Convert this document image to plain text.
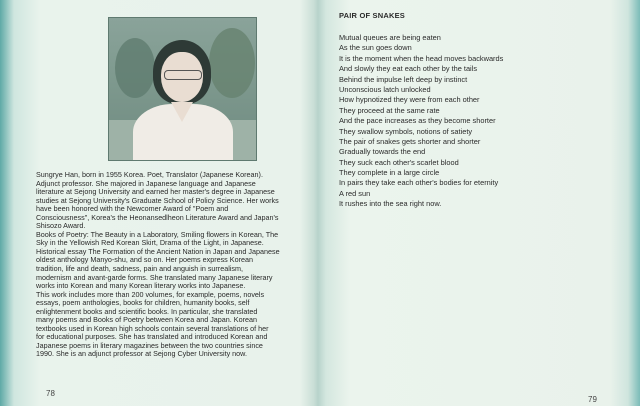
Sungrye Han, born in 1955 Korea. Poet, Translator (Japanese Korean).

Adjunct professor. She majored in Japanese language and Japanese

literature at Sejong University and earned her master's degree in Japanese

studies at Sejong University's Graduate School of Policy Science. Her works

have been honored with the Newcomer Award of "Poem and

Consciousness", Korea's the Heonansedlheon Literature Award and Japan's

Shisozo Award.

Books of Poetry: The Beauty in a Laboratory, Smiling flowers in Korean, The

Sky in the Yellowish Red Korean Skirt, Drama of the Light, in Japanese.

Historical essay The Formation of the Ancient Nation in Japan and Japanese

oldest anthology Manyo-shu, and so on. Her poems express Korean

tradition, life and death, sadness, pain and anguish in surrealism,

modernism and avant-garde forms. She translated many Japanese literary

works into Korean and many Korean literary works into Japanese.

This work includes more than 200 volumes, for example, poems, novels

essays, poem anthologies, books for children, humanity books, self

enlightenment books and scientific books. In particular, she translated

many poems and Books of Poetry between Korea and Japan. Korean

textbooks used in Korean high schools contain several translations of her

for educational purposes. She has translated and introduced Korean and

Japanese poems in literary magazines between the two countries since

1990. She is an adjunct professor at Sejong Cyber University now.

78
PAIR OF SNAKES
Mutual queues are being eaten
As the sun goes down
It is the moment when the head moves backwards
And slowly they eat each other by the tails
Behind the impulse left deep by instinct
Unconscious latch unlocked
How hypnotized they were from each other
They proceed at the same rate
And the pace increases as they become shorter
They swallow symbols, notions of satiety
The pair of snakes gets shorter and shorter
Gradually towards the end
They suck each other's scarlet blood
They complete in a large circle
In pairs they take each other's bodies for eternity
A red sun
It rushes into the sea right now.
79
